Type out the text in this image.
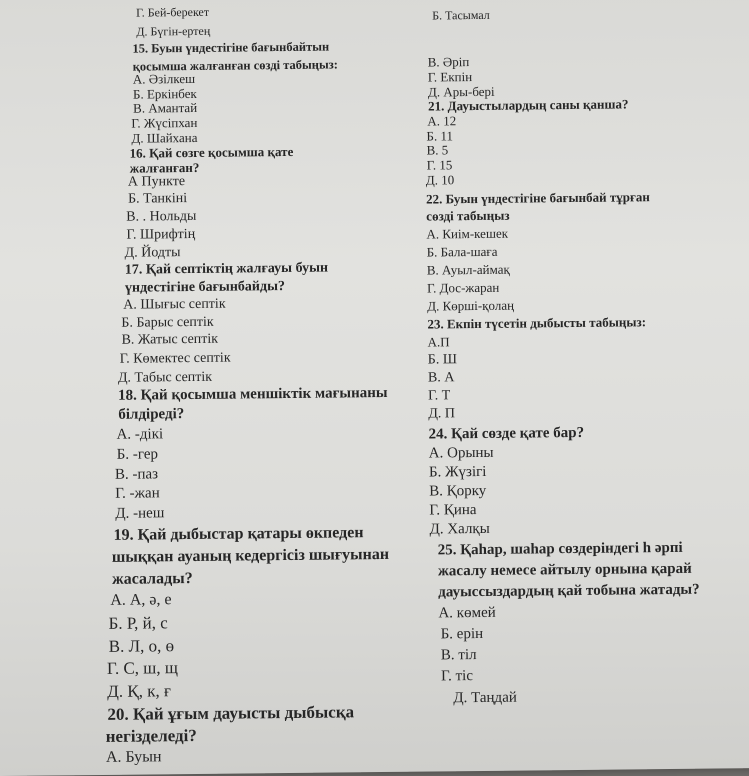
Г. Бей-берекет
Д. Бүгін-ертең
15. Буын үндестігіне бағынбайтын
қосымша жалғанған сөзді табыңыз:
А. Әзілкеш
Б. Еркінбек
В. Амантай
Г. Жүсіпхан
Д. Шайхана
16. Қай сөзге қосымша қате
жалғанған?
А Пункте
Б. Танкіні
В. . Нольды
Г. Шрифтің
Д. Йодты
17. Қай септіктің жалғауы буын
үндестігіне бағынбайды?
А. Шығыс септік
Б. Барыс септік
В. Жатыс септік
Г. Көмектес септік
Д. Табыс септік
18. Қай қосымша меншіктік мағынаны
білдіреді?
А. -дікі
Б. -гер
В. -паз
Г. -жан
Д. -неш
19. Қай дыбыстар қатары өкпеден
шыққан ауаның кедергісіз шығуынан
жасалады?
А. А, ә, е
Б. Р, й, с
В. Л, о, ө
Г. С, ш, щ
Д. Қ, к, ғ
20. Қай ұғым дауысты дыбысқа
негізделеді?
А. Буын
Б. Тасымал
В. Әріп
Г. Екпін
Д. Ары-бері
21. Дауыстылардың саны қанша?
А. 12
Б. 11
В. 5
Г. 15
Д. 10
22. Буын үндестігіне бағынбай тұрған
сөзді табыңыз
А. Киім-кешек
Б. Бала-шаға
В. Ауыл-аймақ
Г. Дос-жаран
Д. Көрші-қолаң
23. Екпін түсетін дыбысты табыңыз:
А.П
Б. Ш
В. А
Г. Т
Д. П
24. Қай сөзде қате бар?
А. Орыны
Б. Жүзігі
В. Қорку
Г. Қина
Д. Халқы
25. Қаһар, шаһар сөздеріндегі һ әрпі
жасалу немесе айтылу орнына қарай
дауыссыздардың қай тобына жатады?
А. көмей
Б. ерін
В. тіл
Г. тіс
Д. Таңдай
